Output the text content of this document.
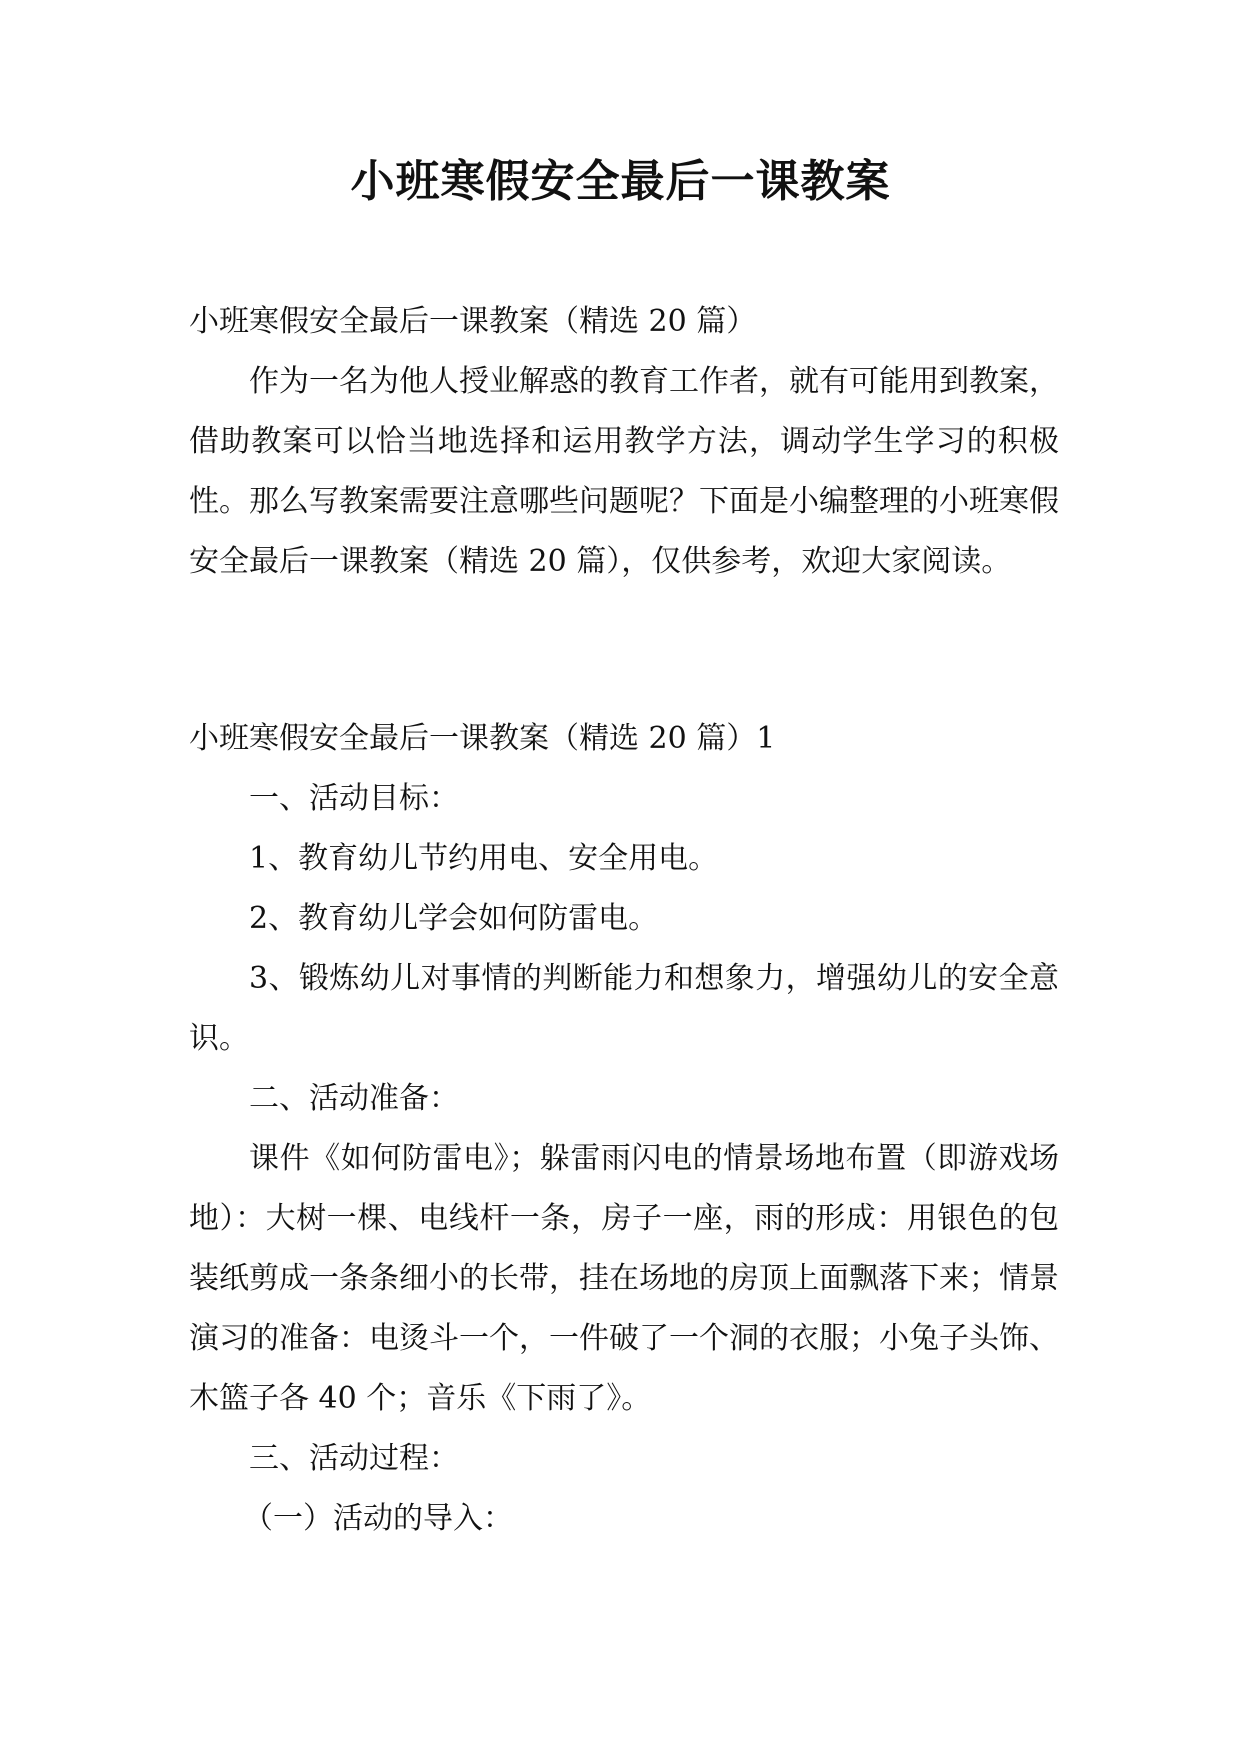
小班寒假安全最后一课教案

小班寒假安全最后一课教案（精选 20 篇）

作为一名为他人授业解惑的教育工作者，就有可能用到教案，借助教案可以恰当地选择和运用教学方法，调动学生学习的积极性。那么写教案需要注意哪些问题呢？下面是小编整理的小班寒假安全最后一课教案（精选 20 篇），仅供参考，欢迎大家阅读。

小班寒假安全最后一课教案（精选 20 篇）1

一、活动目标：

1、教育幼儿节约用电、安全用电。

2、教育幼儿学会如何防雷电。

3、锻炼幼儿对事情的判断能力和想象力，增强幼儿的安全意识。

二、活动准备：

课件《如何防雷电》；躲雷雨闪电的情景场地布置（即游戏场地）：大树一棵、电线杆一条，房子一座，雨的形成：用银色的包装纸剪成一条条细小的长带，挂在场地的房顶上面飘落下来；情景演习的准备：电烫斗一个，一件破了一个洞的衣服；小兔子头饰、木篮子各 40 个；音乐《下雨了》。

三、活动过程：

（一）活动的导入：
